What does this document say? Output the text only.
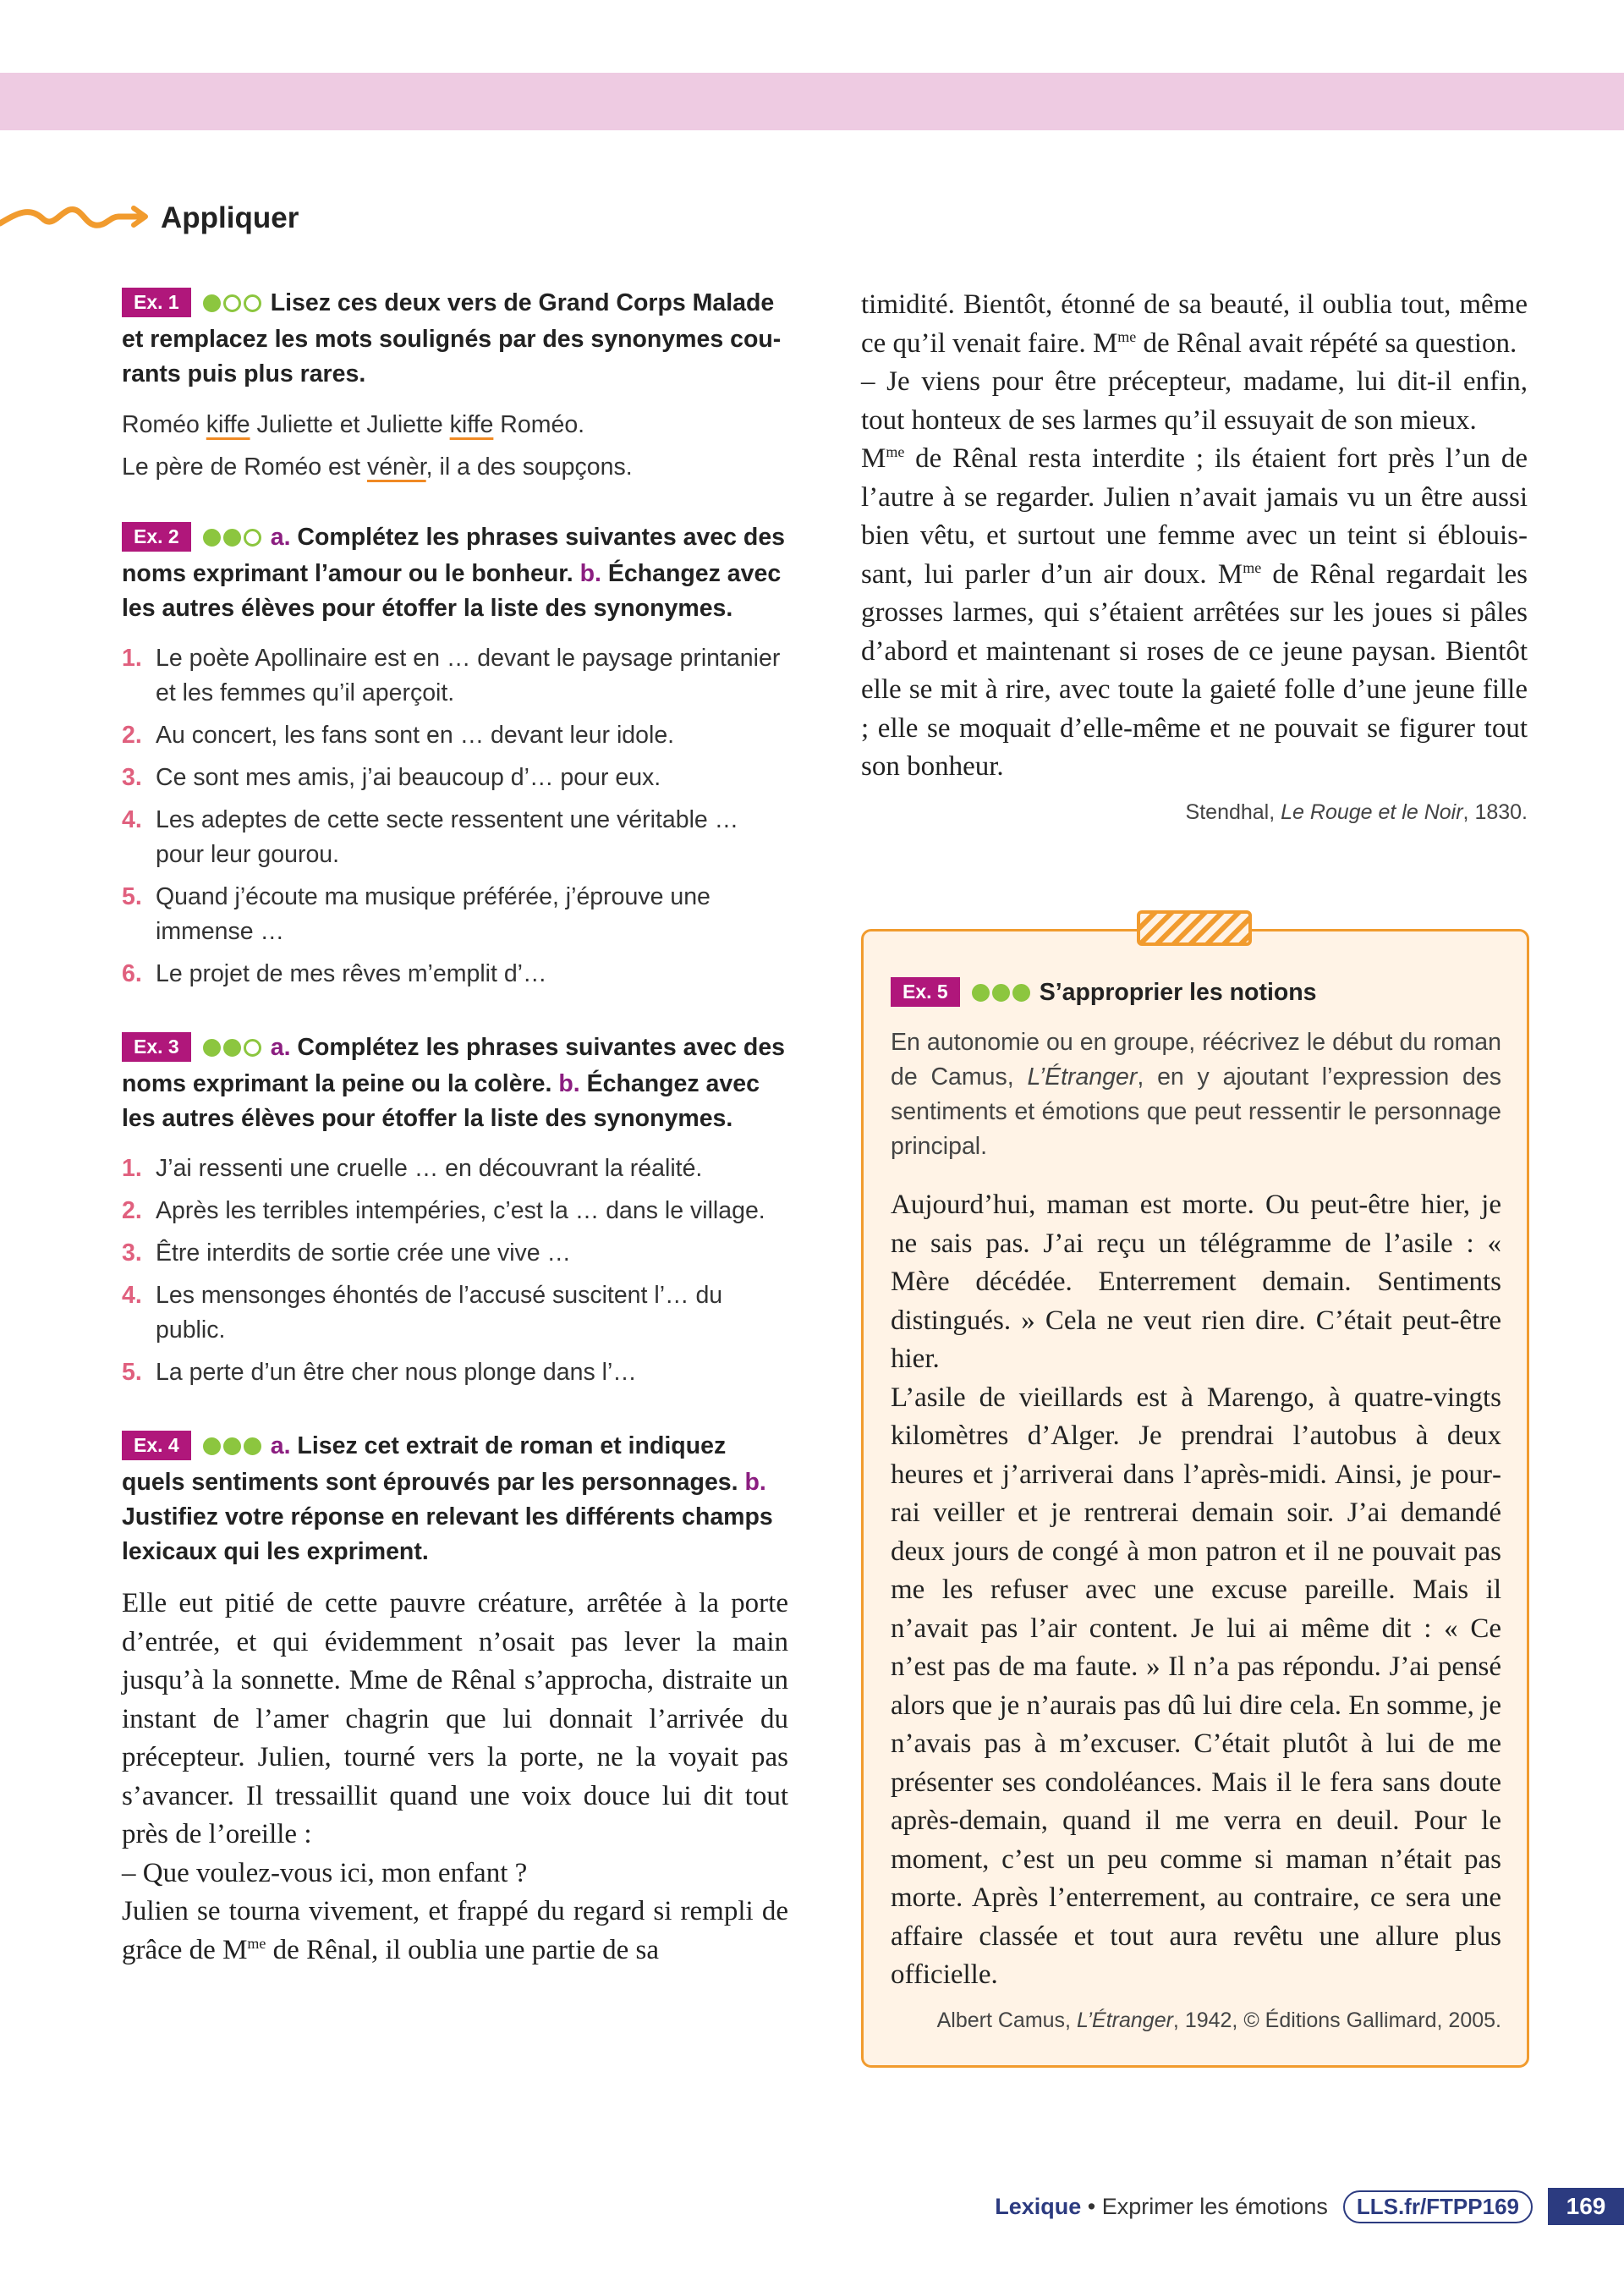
Appliquer
Ex. 1	Lisez ces deux vers de Grand Corps Malade et remplacez les mots soulignés par des synonymes courants puis plus rares.
Roméo kiffe Juliette et Juliette kiffe Roméo.
Le père de Roméo est vénèr, il a des soupçons.
Ex. 2	a. Complétez les phrases suivantes avec des noms exprimant l’amour ou le bonheur. b. Échangez avec les autres élèves pour étoffer la liste des synonymes.
1. Le poète Apollinaire est en … devant le paysage printanier et les femmes qu’il aperçoit.
2. Au concert, les fans sont en … devant leur idole.
3. Ce sont mes amis, j’ai beaucoup d’… pour eux.
4. Les adeptes de cette secte ressentent une véritable … pour leur gourou.
5. Quand j’écoute ma musique préférée, j’éprouve une immense …
6. Le projet de mes rêves m’emplit d’…
Ex. 3	a. Complétez les phrases suivantes avec des noms exprimant la peine ou la colère. b. Échangez avec les autres élèves pour étoffer la liste des synonymes.
1. J’ai ressenti une cruelle … en découvrant la réalité.
2. Après les terribles intempéries, c’est la … dans le village.
3. Être interdits de sortie crée une vive …
4. Les mensonges éhontés de l’accusé suscitent l’… du public.
5. La perte d’un être cher nous plonge dans l’…
Ex. 4	a. Lisez cet extrait de roman et indiquez quels sentiments sont éprouvés par les personnages. b. Justifiez votre réponse en relevant les différents champs lexicaux qui les expriment.
Elle eut pitié de cette pauvre créature, arrêtée à la porte d’entrée, et qui évidemment n’osait pas lever la main jusqu’à la sonnette. Mme de Rênal s’approcha, distraite un instant de l’amer chagrin que lui donnait l’arrivée du précepteur. Julien, tourné vers la porte, ne la voyait pas s’avancer. Il tressaillit quand une voix douce lui dit tout près de l’oreille :
– Que voulez-vous ici, mon enfant ?
Julien se tourna vivement, et frappé du regard si rempli de grâce de $M^{me}$ de Rênal, il oublia une partie de sa
timidité. Bientôt, étonné de sa beauté, il oublia tout, même ce qu’il venait faire. $M^{me}$ de Rênal avait répété sa question.
– Je viens pour être précepteur, madame, lui dit-il enfin, tout honteux de ses larmes qu’il essuyait de son mieux.
$M^{me}$ de Rênal resta interdite ; ils étaient fort près l’un de l’autre à se regarder. Julien n’avait jamais vu un être aussi bien vêtu, et surtout une femme avec un teint si éblouissant, lui parler d’un air doux. $M^{me}$ de Rênal regardait les grosses larmes, qui s’étaient arrêtées sur les joues si pâles d’abord et maintenant si roses de ce jeune paysan. Bientôt elle se mit à rire, avec toute la gaieté folle d’une jeune fille ; elle se moquait d’elle-même et ne pouvait se figurer tout son bonheur.
Stendhal, Le Rouge et le Noir, 1830.
Ex. 5	S’approprier les notions
En autonomie ou en groupe, réécrivez le début du roman de Camus, L’Étranger, en y ajoutant l’expression des sentiments et émotions que peut ressentir le personnage principal.
Aujourd’hui, maman est morte. Ou peut-être hier, je ne sais pas. J’ai reçu un télégramme de l’asile : « Mère décédée. Enterrement demain. Sentiments distingués. » Cela ne veut rien dire. C’était peut-être hier.
L’asile de vieillards est à Marengo, à quatre-vingts kilomètres d’Alger. Je prendrai l’autobus à deux heures et j’arriverai dans l’après-midi. Ainsi, je pourrai veiller et je rentrerai demain soir. J’ai demandé deux jours de congé à mon patron et il ne pouvait pas me les refuser avec une excuse pareille. Mais il n’avait pas l’air content. Je lui ai même dit : « Ce n’est pas de ma faute. » Il n’a pas répondu. J’ai pensé alors que je n’aurais pas dû lui dire cela. En somme, je n’avais pas à m’excuser. C’était plutôt à lui de me présenter ses condoléances. Mais il le fera sans doute après-demain, quand il me verra en deuil. Pour le moment, c’est un peu comme si maman n’était pas morte. Après l’enterrement, au contraire, ce sera une affaire classée et tout aura revêtu une allure plus officielle.
Albert Camus, L’Étranger, 1942, © Éditions Gallimard, 2005.
Lexique • Exprimer les émotions	LLS.fr/FTPP169	169
